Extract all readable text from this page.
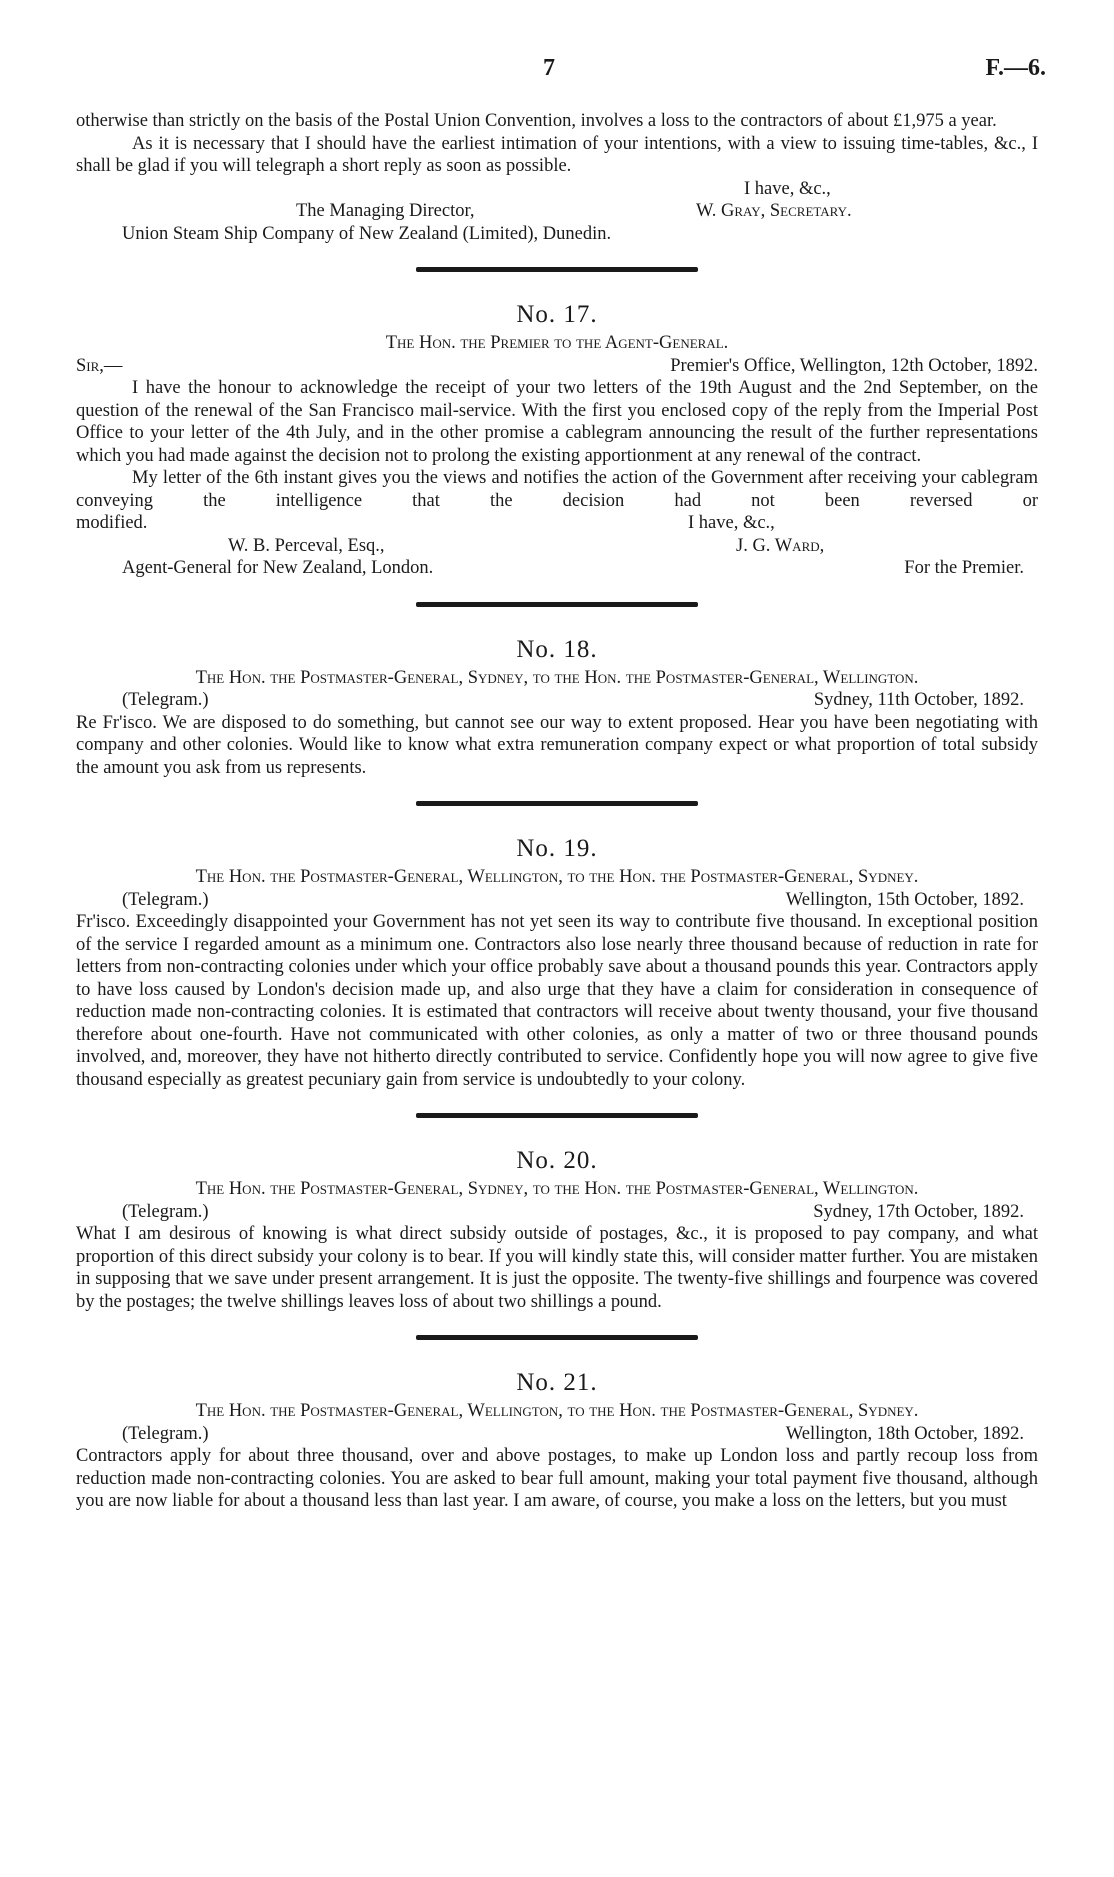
7	F.—6.

otherwise than strictly on the basis of the Postal Union Convention, involves a loss to the contractors of about £1,975 a year.

As it is necessary that I should have the earliest intimation of your intentions, with a view to issuing time-tables, &c., I shall be glad if you will telegraph a short reply as soon as possible.

I have, &c.,
The Managing Director,	W. Gray, Secretary.
Union Steam Ship Company of New Zealand (Limited), Dunedin.
No. 17.

The Hon. the Premier to the Agent-General.

Sir,—	Premier's Office, Wellington, 12th October, 1892.

I have the honour to acknowledge the receipt of your two letters of the 19th August and the 2nd September, on the question of the renewal of the San Francisco mail-service. With the first you enclosed copy of the reply from the Imperial Post Office to your letter of the 4th July, and in the other promise a cablegram announcing the result of the further representations which you had made against the decision not to prolong the existing apportionment at any renewal of the contract.

My letter of the 6th instant gives you the views and notifies the action of the Government after receiving your cablegram conveying the intelligence that the decision had not been reversed or

modified.	I have, &c.,
W. B. Perceval, Esq.,	J. G. Ward,
Agent-General for New Zealand, London.	For the Premier.
No. 18.

The Hon. the Postmaster-General, Sydney, to the Hon. the Postmaster-General, Wellington.

(Telegram.)	Sydney, 11th October, 1892.

Re Fr'isco. We are disposed to do something, but cannot see our way to extent proposed. Hear you have been negotiating with company and other colonies. Would like to know what extra remuneration company expect or what proportion of total subsidy the amount you ask from us represents.

No. 19.

The Hon. the Postmaster-General, Wellington, to the Hon. the Postmaster-General, Sydney.

(Telegram.)	Wellington, 15th October, 1892.

Fr'isco. Exceedingly disappointed your Government has not yet seen its way to contribute five thousand. In exceptional position of the service I regarded amount as a minimum one. Contractors also lose nearly three thousand because of reduction in rate for letters from non-contracting colonies under which your office probably save about a thousand pounds this year. Contractors apply to have loss caused by London's decision made up, and also urge that they have a claim for consideration in consequence of reduction made non-contracting colonies. It is estimated that contractors will receive about twenty thousand, your five thousand therefore about one-fourth. Have not communicated with other colonies, as only a matter of two or three thousand pounds involved, and, moreover, they have not hitherto directly contributed to service. Confidently hope you will now agree to give five thousand especially as greatest pecuniary gain from service is undoubtedly to your colony.

No. 20.

The Hon. the Postmaster-General, Sydney, to the Hon. the Postmaster-General, Wellington.

(Telegram.)	Sydney, 17th October, 1892.

What I am desirous of knowing is what direct subsidy outside of postages, &c., it is proposed to pay company, and what proportion of this direct subsidy your colony is to bear. If you will kindly state this, will consider matter further. You are mistaken in supposing that we save under present arrangement. It is just the opposite. The twenty-five shillings and fourpence was covered by the postages; the twelve shillings leaves loss of about two shillings a pound.

No. 21.

The Hon. the Postmaster-General, Wellington, to the Hon. the Postmaster-General, Sydney.

(Telegram.)	Wellington, 18th October, 1892.

Contractors apply for about three thousand, over and above postages, to make up London loss and partly recoup loss from reduction made non-contracting colonies. You are asked to bear full amount, making your total payment five thousand, although you are now liable for about a thousand less than last year. I am aware, of course, you make a loss on the letters, but you must
